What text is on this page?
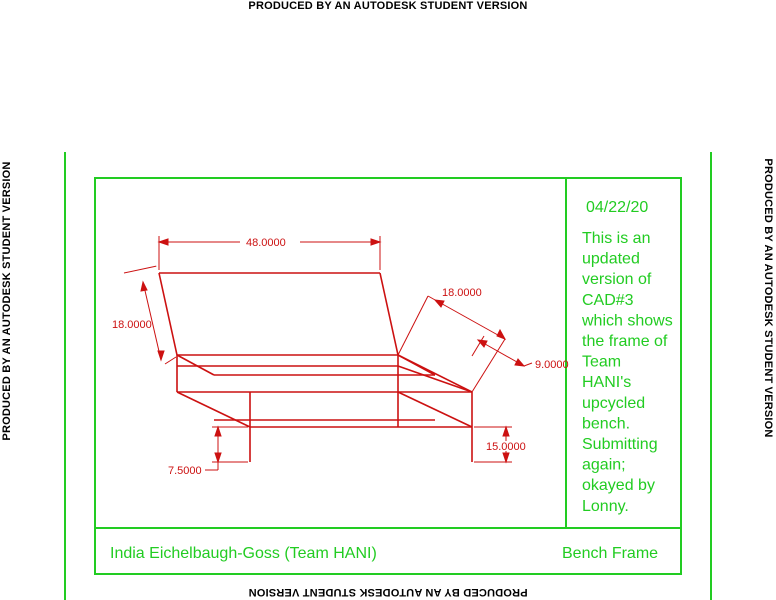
PRODUCED BY AN AUTODESK STUDENT VERSION
PRODUCED BY AN AUTODESK STUDENT VERSION
PRODUCED BY AN AUTODESK STUDENT VERSION	PRODUCED BY AN AUTODESK STUDENT VERSION
04/22/20
This is an
updated
version of
CAD#3
which shows
the frame of
Team
HANI's
upcycled
bench.
Submitting
again;
okayed by
Lonny.
India Eichelbaugh-Goss (Team HANI)	Bench Frame
48.0000
18.0000
18.0000
9.0000
15.0000
7.5000
